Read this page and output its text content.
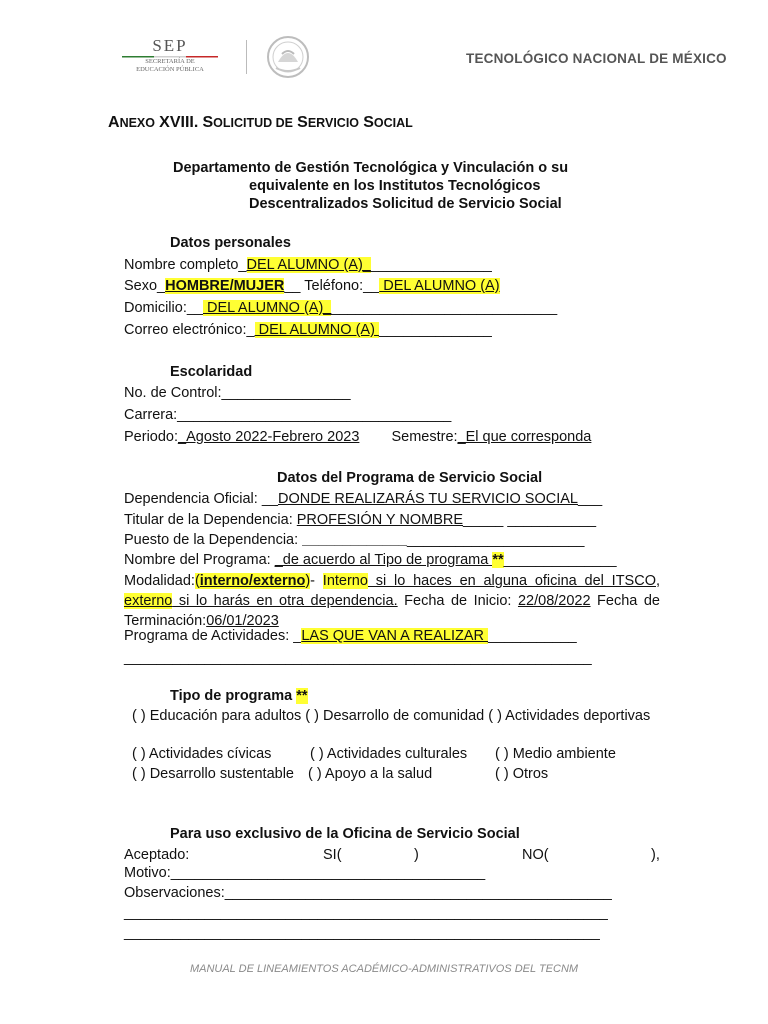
SEP
SECRETARÍA DE
EDUCACIÓN PÚBLICA
TECNOLÓGICO NACIONAL DE MÉXICO
ANEXO XVIII. SOLICITUD DE SERVICIO SOCIAL
Departamento de Gestión Tecnológica y Vinculación o su
equivalente en los Institutos Tecnológicos
Descentralizados Solicitud de Servicio Social
Datos personales
Nombre completo_DEL ALUMNO (A)________________
Sexo_HOMBRE/MUJER__ Teléfono:__ DEL ALUMNO (A)
Domicilio:__ DEL ALUMNO (A)_____________________________
Correo electrónico:_ DEL ALUMNO (A) ______________
Escolaridad
No. de Control:________________
Carrera:__________________________________
Periodo:_Agosto 2022-Febrero 2023 Semestre:_El que corresponda
Datos del Programa de Servicio Social
Dependencia Oficial: __DONDE REALIZARÁS TU SERVICIO SOCIAL___
Titular de la Dependencia: PROFESIÓN Y NOMBRE_____ ___________
Puesto de la Dependencia: ___________________________________
Nombre del Programa: _de acuerdo al Tipo de programa **______________
Modalidad:(interno/externo)- Interno si lo haces en alguna oficina del ITSCO, externo si lo harás en otra dependencia. Fecha de Inicio: 22/08/2022 Fecha de Terminación:06/01/2023
Programa de Actividades: _LAS QUE VAN A REALIZAR ___________
__________________________________________________________
Tipo de programa **
( ) Educación para adultos ( ) Desarrollo de comunidad ( ) Actividades deportivas
( ) Actividades cívicas	( ) Actividades culturales ( ) Medio ambiente
( ) Desarrollo sustentable ( ) Apoyo a la salud	( ) Otros
Para uso exclusivo de la Oficina de Servicio Social
Aceptado:	SI(	)	NO(	),
Motivo:_______________________________________
Observaciones:________________________________________________
____________________________________________________________
___________________________________________________________
MANUAL DE LINEAMIENTOS ACADÉMICO-ADMINISTRATIVOS DEL TECNM
